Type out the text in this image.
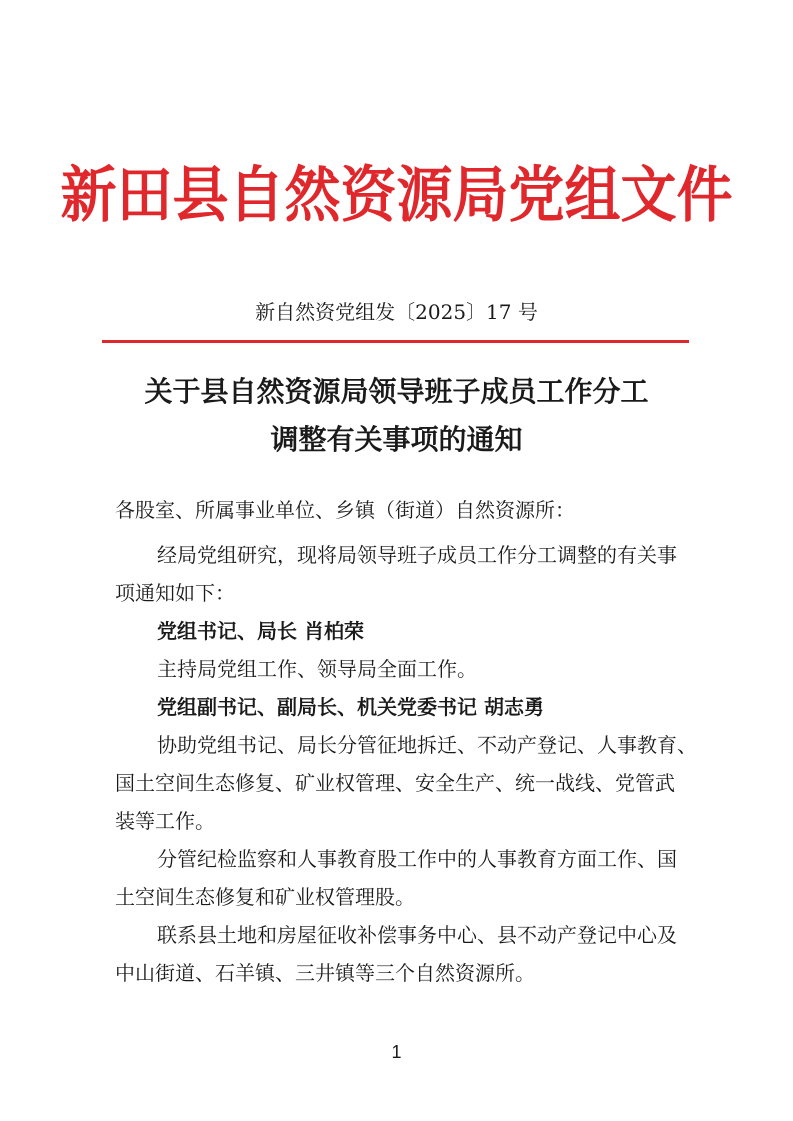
新田县自然资源局党组文件
新自然资党组发〔2025〕17 号
关于县自然资源局领导班子成员工作分工
调整有关事项的通知
各股室、所属事业单位、乡镇（街道）自然资源所：
经局党组研究，现将局领导班子成员工作分工调整的有关事
项通知如下：
党组书记、局长 肖柏荣
主持局党组工作、领导局全面工作。
党组副书记、副局长、机关党委书记 胡志勇
协助党组书记、局长分管征地拆迁、不动产登记、人事教育、
国土空间生态修复、矿业权管理、安全生产、统一战线、党管武
装等工作。
分管纪检监察和人事教育股工作中的人事教育方面工作、国
土空间生态修复和矿业权管理股。
联系县土地和房屋征收补偿事务中心、县不动产登记中心及
中山街道、石羊镇、三井镇等三个自然资源所。
1
